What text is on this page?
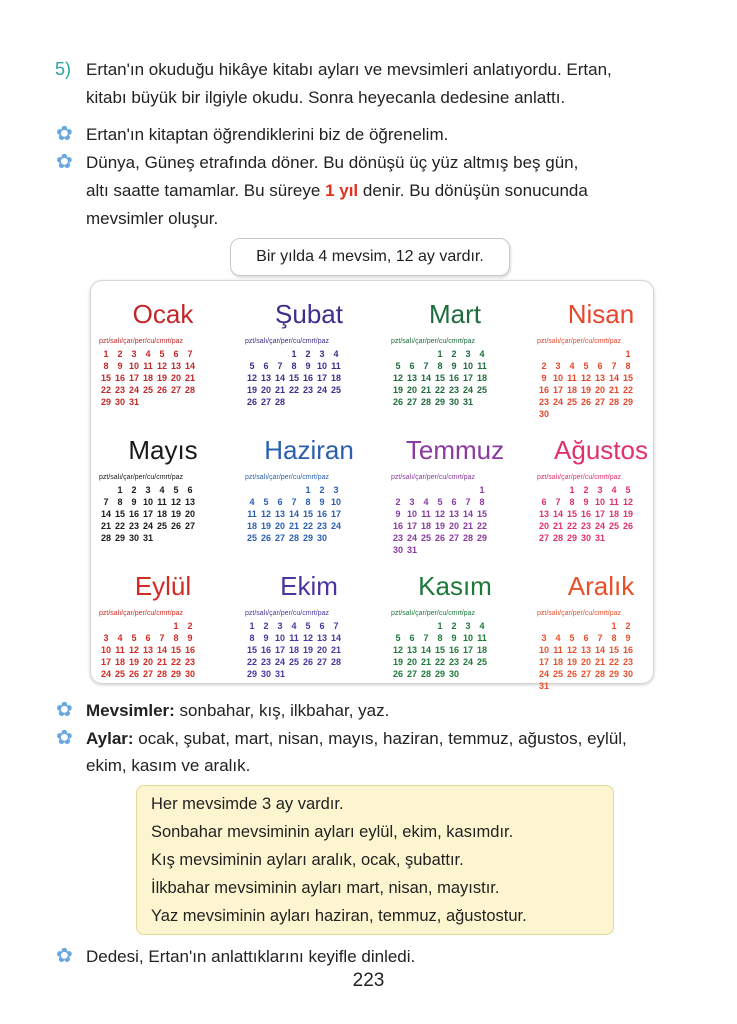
5) Ertan'ın okuduğu hikâye kitabı ayları ve mevsimleri anlatıyordu. Ertan,
kitabı büyük bir ilgiyle okudu. Sonra heyecanla dedesine anlattı.
✿ Ertan'ın kitaptan öğrendiklerini biz de öğrenelim.
✿ Dünya, Güneş etrafında döner. Bu dönüşü üç yüz altmış beş gün,
altı saatte tamamlar. Bu süreye 1 yıl denir. Bu dönüşün sonucunda
mevsimler oluşur.
Bir yılda 4 mevsim, 12 ay vardır.
Ocak
pzt/salı/çar/per/cu/cmrt/paz
1 2 3 4 5 6 7
8 9 10 11 12 13 14
15 16 17 18 19 20 21
22 23 24 25 26 27 28
29 30 31
Şubat
pzt/salı/çar/per/cu/cmrt/paz
1 2 3 4
5 6 7 8 9 10 11
12 13 14 15 16 17 18
19 20 21 22 23 24 25
26 27 28
Mart
pzt/salı/çar/per/cu/cmrt/paz
1 2 3 4
5 6 7 8 9 10 11
12 13 14 15 16 17 18
19 20 21 22 23 24 25
26 27 28 29 30 31
Nisan
pzt/salı/çar/per/cu/cmrt/paz
1
2 3 4 5 6 7 8
9 10 11 12 13 14 15
16 17 18 19 20 21 22
23 24 25 26 27 28 29
30
Mayıs
pzt/salı/çar/per/cu/cmrt/paz
1 2 3 4 5 6
7 8 9 10 11 12 13
14 15 16 17 18 19 20
21 22 23 24 25 26 27
28 29 30 31
Haziran
pzt/salı/çar/per/cu/cmrt/paz
1 2 3
4 5 6 7 8 9 10
11 12 13 14 15 16 17
18 19 20 21 22 23 24
25 26 27 28 29 30
Temmuz
pzt/salı/çar/per/cu/cmrt/paz
1
2 3 4 5 6 7 8
9 10 11 12 13 14 15
16 17 18 19 20 21 22
23 24 25 26 27 28 29
30 31
Ağustos
pzt/salı/çar/per/cu/cmrt/paz
1 2 3 4 5
6 7 8 9 10 11 12
13 14 15 16 17 18 19
20 21 22 23 24 25 26
27 28 29 30 31
Eylül
pzt/salı/çar/per/cu/cmrt/paz
1 2
3 4 5 6 7 8 9
10 11 12 13 14 15 16
17 18 19 20 21 22 23
24 25 26 27 28 29 30
Ekim
pzt/salı/çar/per/cu/cmrt/paz
1 2 3 4 5 6 7
8 9 10 11 12 13 14
15 16 17 18 19 20 21
22 23 24 25 26 27 28
29 30 31
Kasım
pzt/salı/çar/per/cu/cmrt/paz
1 2 3 4
5 6 7 8 9 10 11
12 13 14 15 16 17 18
19 20 21 22 23 24 25
26 27 28 29 30
Aralık
pzt/salı/çar/per/cu/cmrt/paz
1 2
3 4 5 6 7 8 9
10 11 12 13 14 15 16
17 18 19 20 21 22 23
24 25 26 27 28 29 30
31
✿ Mevsimler: sonbahar, kış, ilkbahar, yaz.
✿ Aylar: ocak, şubat, mart, nisan, mayıs, haziran, temmuz, ağustos, eylül,
ekim, kasım ve aralık.
Her mevsimde 3 ay vardır.
Sonbahar mevsiminin ayları eylül, ekim, kasımdır.
Kış mevsiminin ayları aralık, ocak, şubattır.
İlkbahar mevsiminin ayları mart, nisan, mayıstır.
Yaz mevsiminin ayları haziran, temmuz, ağustostur.
✿ Dedesi, Ertan'ın anlattıklarını keyifle dinledi.
223
